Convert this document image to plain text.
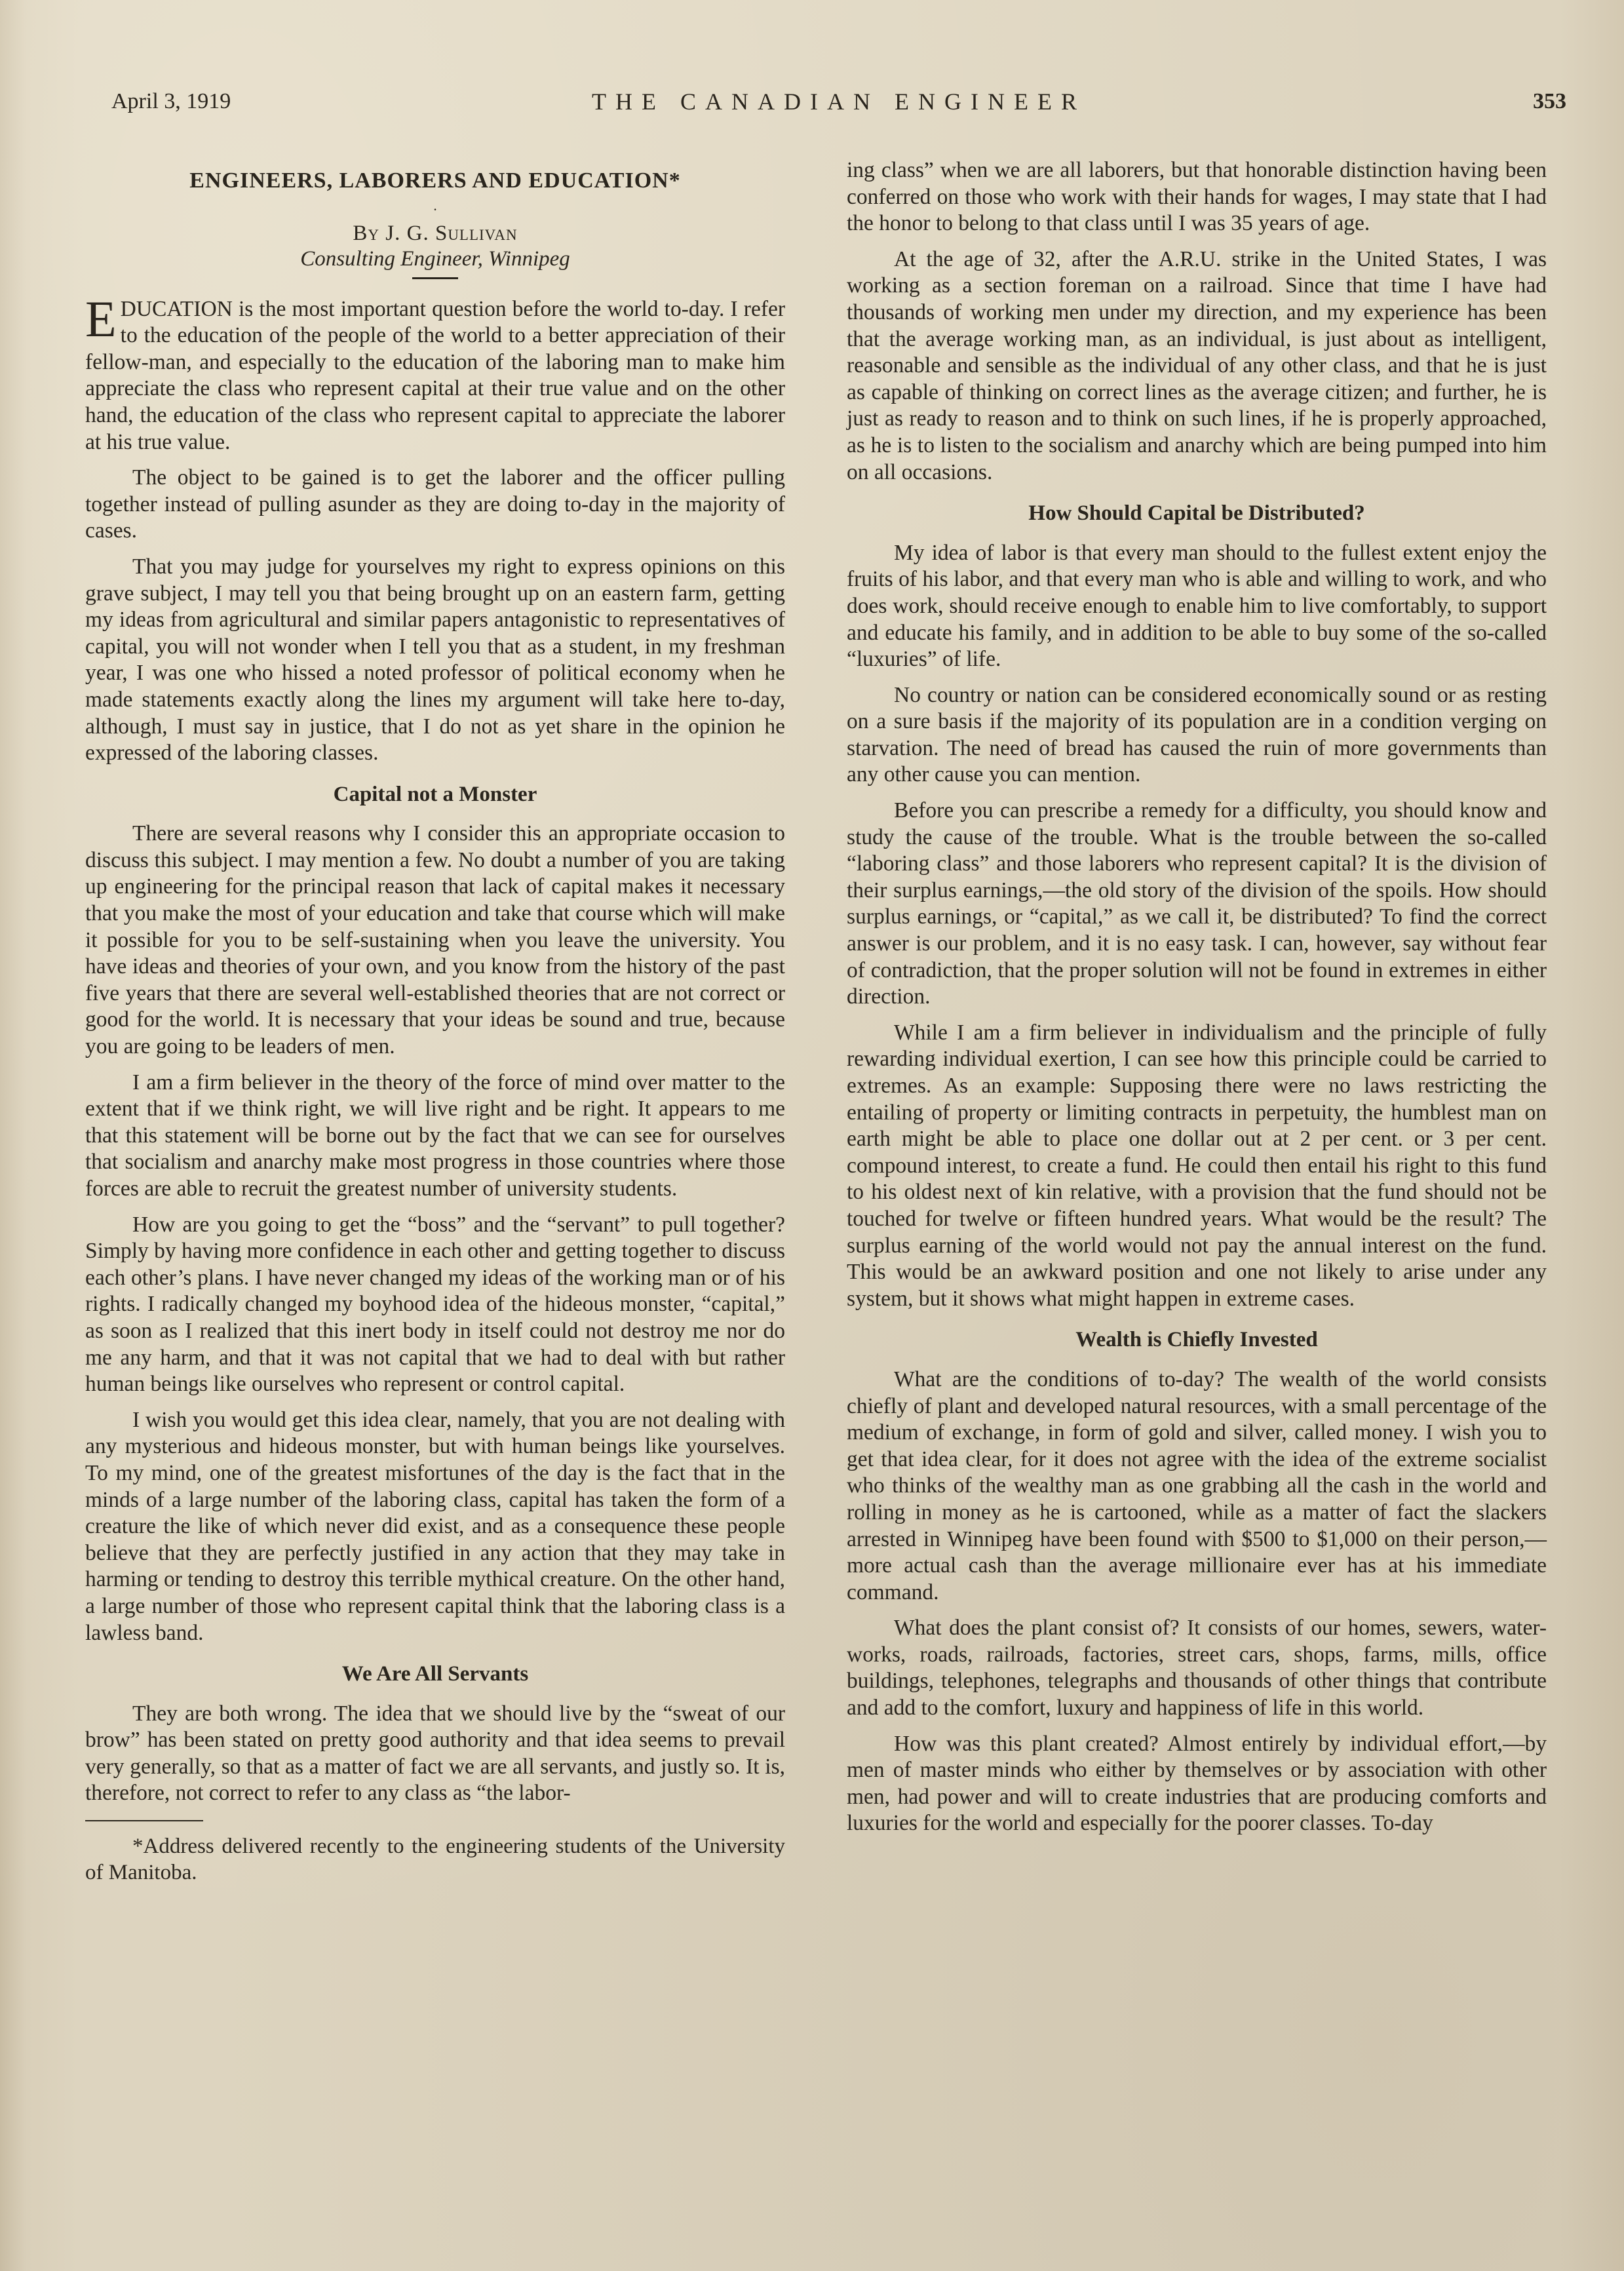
April 3, 1919	THE CANADIAN ENGINEER	353
ENGINEERS, LABORERS AND EDUCATION*
·
By J. G. Sullivan
Consulting Engineer, Winnipeg

EDUCATION is the most important question before the world to-day. I refer to the education of the people of the world to a better appreciation of their fellow-man, and especially to the education of the laboring man to make him appreciate the class who represent capital at their true value and on the other hand, the education of the class who represent capital to appreciate the laborer at his true value.

The object to be gained is to get the laborer and the officer pulling together instead of pulling asunder as they are doing to-day in the majority of cases.

That you may judge for yourselves my right to express opinions on this grave subject, I may tell you that being brought up on an eastern farm, getting my ideas from agricultural and similar papers antagonistic to representatives of capital, you will not wonder when I tell you that as a student, in my freshman year, I was one who hissed a noted professor of political economy when he made statements exactly along the lines my argument will take here to-day, although, I must say in justice, that I do not as yet share in the opinion he expressed of the laboring classes.

Capital not a Monster

There are several reasons why I consider this an appropriate occasion to discuss this subject. I may mention a few. No doubt a number of you are taking up engineering for the principal reason that lack of capital makes it necessary that you make the most of your education and take that course which will make it possible for you to be self-sustaining when you leave the university. You have ideas and theories of your own, and you know from the history of the past five years that there are several well-established theories that are not correct or good for the world. It is necessary that your ideas be sound and true, because you are going to be leaders of men.

I am a firm believer in the theory of the force of mind over matter to the extent that if we think right, we will live right and be right. It appears to me that this statement will be borne out by the fact that we can see for ourselves that socialism and anarchy make most progress in those countries where those forces are able to recruit the greatest number of university students.

How are you going to get the “boss” and the “servant” to pull together? Simply by having more confidence in each other and getting together to discuss each other’s plans. I have never changed my ideas of the working man or of his rights. I radically changed my boyhood idea of the hideous monster, “capital,” as soon as I realized that this inert body in itself could not destroy me nor do me any harm, and that it was not capital that we had to deal with but rather human beings like ourselves who represent or control capital.

I wish you would get this idea clear, namely, that you are not dealing with any mysterious and hideous monster, but with human beings like yourselves. To my mind, one of the greatest misfortunes of the day is the fact that in the minds of a large number of the laboring class, capital has taken the form of a creature the like of which never did exist, and as a consequence these people believe that they are perfectly justified in any action that they may take in harming or tending to destroy this terrible mythical creature. On the other hand, a large number of those who represent capital think that the laboring class is a lawless band.

We Are All Servants

They are both wrong. The idea that we should live by the “sweat of our brow” has been stated on pretty good authority and that idea seems to prevail very generally, so that as a matter of fact we are all servants, and justly so. It is, therefore, not correct to refer to any class as “the labor-

*Address delivered recently to the engineering students of the University of Manitoba.

ing class” when we are all laborers, but that honorable distinction having been conferred on those who work with their hands for wages, I may state that I had the honor to belong to that class until I was 35 years of age.

At the age of 32, after the A.R.U. strike in the United States, I was working as a section foreman on a railroad. Since that time I have had thousands of working men under my direction, and my experience has been that the average working man, as an individual, is just about as intelligent, reasonable and sensible as the individual of any other class, and that he is just as capable of thinking on correct lines as the average citizen; and further, he is just as ready to reason and to think on such lines, if he is properly approached, as he is to listen to the socialism and anarchy which are being pumped into him on all occasions.

How Should Capital be Distributed?

My idea of labor is that every man should to the fullest extent enjoy the fruits of his labor, and that every man who is able and willing to work, and who does work, should receive enough to enable him to live comfortably, to support and educate his family, and in addition to be able to buy some of the so-called “luxuries” of life.

No country or nation can be considered economically sound or as resting on a sure basis if the majority of its population are in a condition verging on starvation. The need of bread has caused the ruin of more governments than any other cause you can mention.

Before you can prescribe a remedy for a difficulty, you should know and study the cause of the trouble. What is the trouble between the so-called “laboring class” and those laborers who represent capital? It is the division of their surplus earnings,—the old story of the division of the spoils. How should surplus earnings, or “capital,” as we call it, be distributed? To find the correct answer is our problem, and it is no easy task. I can, however, say without fear of contradiction, that the proper solution will not be found in extremes in either direction.

While I am a firm believer in individualism and the principle of fully rewarding individual exertion, I can see how this principle could be carried to extremes. As an example: Supposing there were no laws restricting the entailing of property or limiting contracts in perpetuity, the humblest man on earth might be able to place one dollar out at 2 per cent. or 3 per cent. compound interest, to create a fund. He could then entail his right to this fund to his oldest next of kin relative, with a provision that the fund should not be touched for twelve or fifteen hundred years. What would be the result? The surplus earning of the world would not pay the annual interest on the fund. This would be an awkward position and one not likely to arise under any system, but it shows what might happen in extreme cases.

Wealth is Chiefly Invested

What are the conditions of to-day? The wealth of the world consists chiefly of plant and developed natural resources, with a small percentage of the medium of exchange, in form of gold and silver, called money. I wish you to get that idea clear, for it does not agree with the idea of the extreme socialist who thinks of the wealthy man as one grabbing all the cash in the world and rolling in money as he is cartooned, while as a matter of fact the slackers arrested in Winnipeg have been found with $500 to $1,000 on their person,—more actual cash than the average millionaire ever has at his immediate command.

What does the plant consist of? It consists of our homes, sewers, water-works, roads, railroads, factories, street cars, shops, farms, mills, office buildings, telephones, telegraphs and thousands of other things that contribute and add to the comfort, luxury and happiness of life in this world.

How was this plant created? Almost entirely by individual effort,—by men of master minds who either by themselves or by association with other men, had power and will to create industries that are producing comforts and luxuries for the world and especially for the poorer classes. To-day
